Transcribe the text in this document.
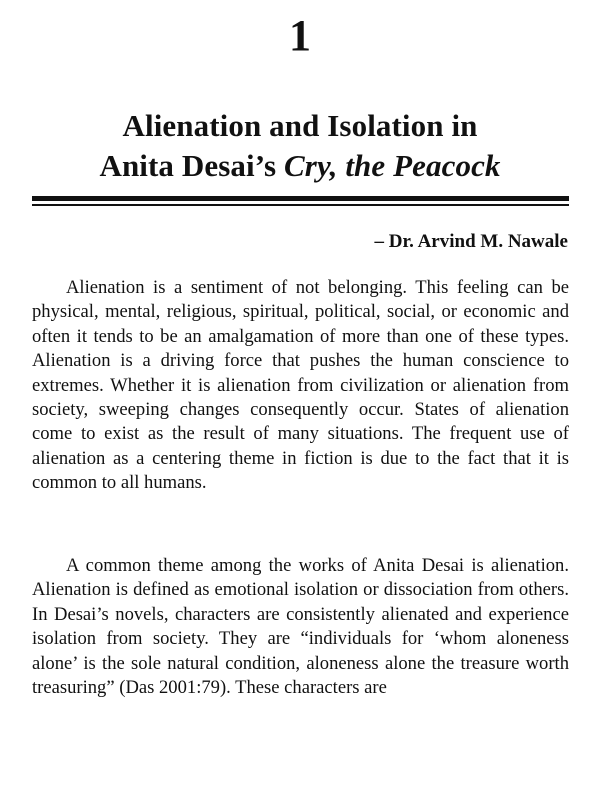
1
Alienation and Isolation in
Anita Desai’s Cry, the Peacock
– Dr. Arvind M. Nawale

Alienation is a sentiment of not belonging. This feeling can be physical, mental, religious, spiritual, political, social, or economic and often it tends to be an amalgamation of more than one of these types. Alienation is a driving force that pushes the human conscience to extremes. Whether it is alienation from civilization or alienation from society, sweeping changes consequently occur. States of alienation come to exist as the result of many situations. The frequent use of alienation as a centering theme in fiction is due to the fact that it is common to all humans.

A common theme among the works of Anita Desai is alienation. Alienation is defined as emotional isolation or dissociation from others. In Desai’s novels, characters are consistently alienated and experience isolation from society. They are “individuals for ‘whom aloneness alone’ is the sole natural condition, aloneness alone the treasure worth treasuring” (Das 2001:79). These characters are
